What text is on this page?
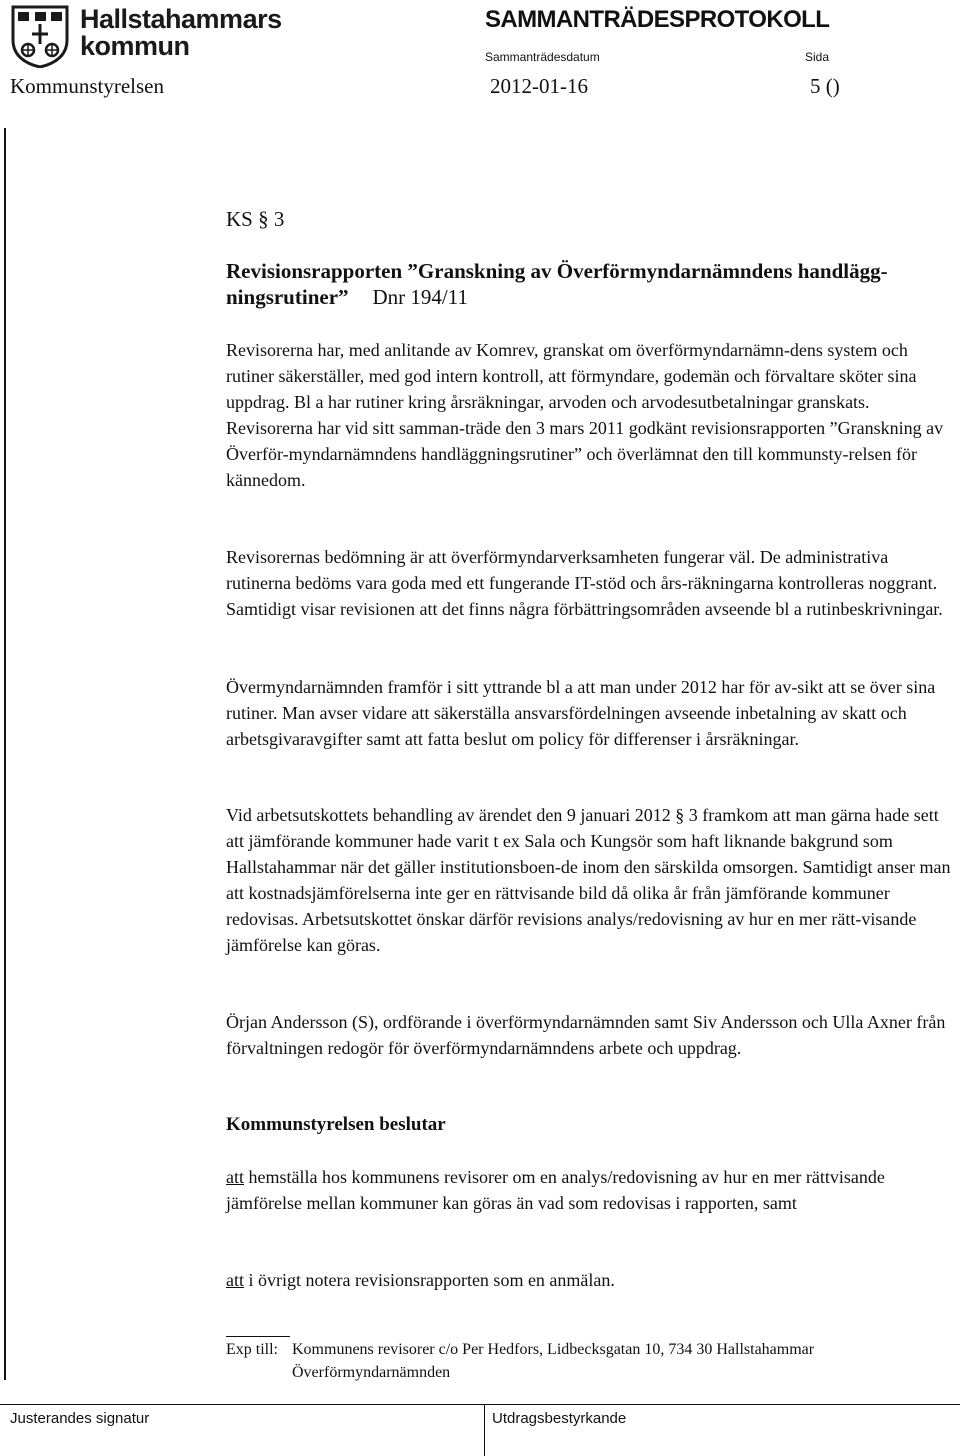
Hallstahammars
kommun
SAMMANTRÄDESPROTOKOLL
Sammanträdesdatum	Sida
Kommunstyrelsen	2012-01-16	5 ()
KS § 3
Revisionsrapporten ”Granskning av Överförmyndarnämndens handlägg-ningsrutiner” Dnr 194/11
Revisorerna har, med anlitande av Komrev, granskat om överförmyndarnämn-dens system och rutiner säkerställer, med god intern kontroll, att förmyndare, godemän och förvaltare sköter sina uppdrag. Bl a har rutiner kring årsräkningar, arvoden och arvodesutbetalningar granskats. Revisorerna har vid sitt samman-träde den 3 mars 2011 godkänt revisionsrapporten ”Granskning av Överför-myndarnämndens handläggningsrutiner” och överlämnat den till kommunsty-relsen för kännedom.
Revisorernas bedömning är att överförmyndarverksamheten fungerar väl. De administrativa rutinerna bedöms vara goda med ett fungerande IT-stöd och års-räkningarna kontrolleras noggrant. Samtidigt visar revisionen att det finns några förbättringsområden avseende bl a rutinbeskrivningar.
Övermyndarnämnden framför i sitt yttrande bl a att man under 2012 har för av-sikt att se över sina rutiner. Man avser vidare att säkerställa ansvarsfördelningen avseende inbetalning av skatt och arbetsgivaravgifter samt att fatta beslut om policy för differenser i årsräkningar.
Vid arbetsutskottets behandling av ärendet den 9 januari 2012 § 3 framkom att man gärna hade sett att jämförande kommuner hade varit t ex Sala och Kungsör som haft liknande bakgrund som Hallstahammar när det gäller institutionsboen-de inom den särskilda omsorgen. Samtidigt anser man att kostnadsjämförelserna inte ger en rättvisande bild då olika år från jämförande kommuner redovisas. Arbetsutskottet önskar därför revisions analys/redovisning av hur en mer rätt-visande jämförelse kan göras.
Örjan Andersson (S), ordförande i överförmyndarnämnden samt Siv Andersson och Ulla Axner från förvaltningen redogör för överförmyndarnämndens arbete och uppdrag.
Kommunstyrelsen beslutar
att hemställa hos kommunens revisorer om en analys/redovisning av hur en mer rättvisande jämförelse mellan kommuner kan göras än vad som redovisas i rapporten, samt
att i övrigt notera revisionsrapporten som en anmälan.
Exp till: Kommunens revisorer c/o Per Hedfors, Lidbecksgatan 10, 734 30 Hallstahammar
Överförmyndarnämnden
Justerandes signatur	Utdragsbestyrkande
